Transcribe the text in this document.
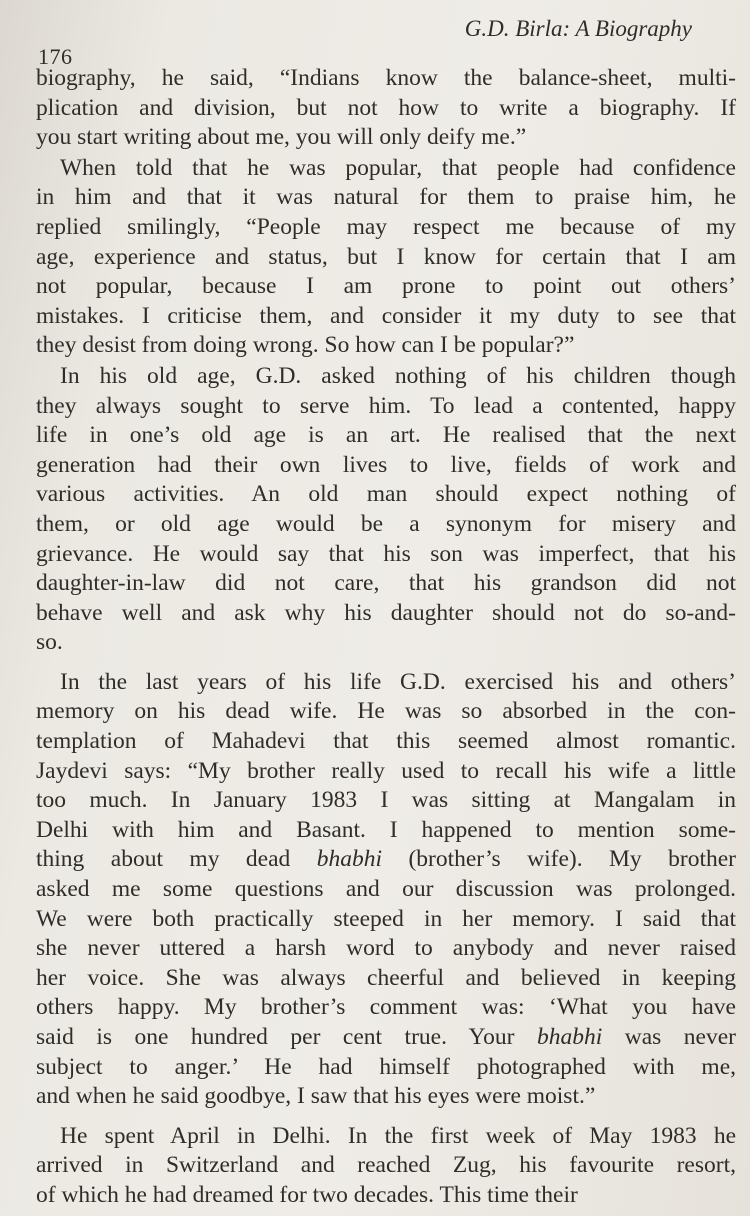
176
G.D. Birla: A Biography
biography, he said, “Indians know the balance-sheet, multi-
plication and division, but not how to write a biography. If
you start writing about me, you will only deify me.”
When told that he was popular, that people had confidence
in him and that it was natural for them to praise him, he
replied smilingly, “People may respect me because of my
age, experience and status, but I know for certain that I am
not popular, because I am prone to point out others’
mistakes. I criticise them, and consider it my duty to see that
they desist from doing wrong. So how can I be popular?”
In his old age, G.D. asked nothing of his children though
they always sought to serve him. To lead a contented, happy
life in one’s old age is an art. He realised that the next
generation had their own lives to live, fields of work and
various activities. An old man should expect nothing of
them, or old age would be a synonym for misery and
grievance. He would say that his son was imperfect, that his
daughter-in-law did not care, that his grandson did not
behave well and ask why his daughter should not do so-and-
so.
In the last years of his life G.D. exercised his and others’
memory on his dead wife. He was so absorbed in the con-
templation of Mahadevi that this seemed almost romantic.
Jaydevi says: “My brother really used to recall his wife a little
too much. In January 1983 I was sitting at Mangalam in
Delhi with him and Basant. I happened to mention some-
thing about my dead bhabhi (brother’s wife). My brother
asked me some questions and our discussion was prolonged.
We were both practically steeped in her memory. I said that
she never uttered a harsh word to anybody and never raised
her voice. She was always cheerful and believed in keeping
others happy. My brother’s comment was: ‘What you have
said is one hundred per cent true. Your bhabhi was never
subject to anger.’ He had himself photographed with me,
and when he said goodbye, I saw that his eyes were moist.”
He spent April in Delhi. In the first week of May 1983 he
arrived in Switzerland and reached Zug, his favourite resort,
of which he had dreamed for two decades. This time their
